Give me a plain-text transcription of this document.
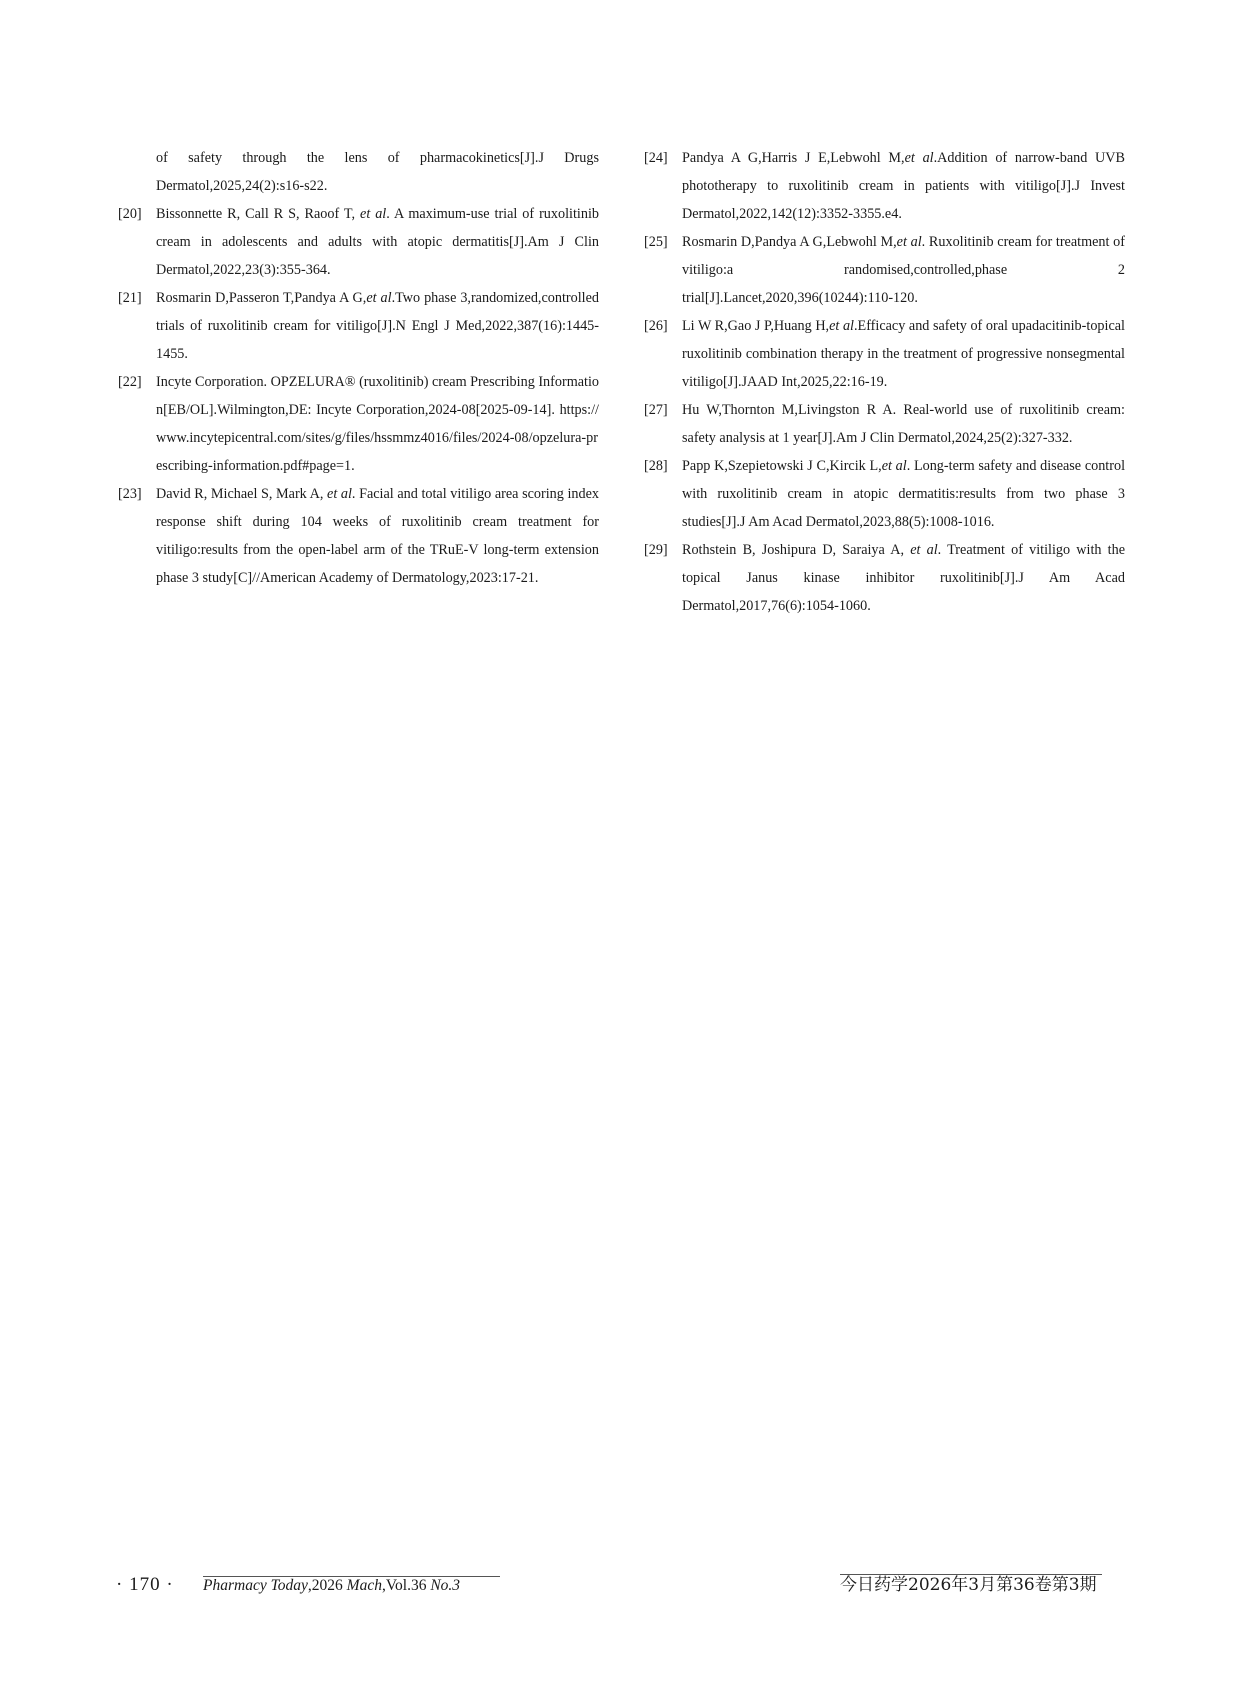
of safety through the lens of pharmacokinetics[J].J Drugs Dermatol,2025,24(2):s16-s22.
[20] Bissonnette R, Call R S, Raoof T, et al. A maximum-use trial of ruxolitinib cream in adolescents and adults with atopic dermatitis[J].Am J Clin Dermatol,2022,23(3):355-364.
[21] Rosmarin D,Passeron T,Pandya A G,et al.Two phase 3,randomized,controlled trials of ruxolitinib cream for vitiligo[J].N Engl J Med,2022,387(16):1445-1455.
[22] Incyte Corporation. OPZELURA® (ruxolitinib) cream Prescribing Information[EB/OL].Wilmington,DE: Incyte Corporation,2024-08[2025-09-14]. https://www.incytepicentral.com/sites/g/files/hssmmz4016/files/2024-08/opzelura-prescribing-information.pdf#page=1.
[23] David R, Michael S, Mark A, et al. Facial and total vitiligo area scoring index response shift during 104 weeks of ruxolitinib cream treatment for vitiligo:results from the open-label arm of the TRuE-V long-term extension phase 3 study[C]//American Academy of Dermatology,2023:17-21.
[24] Pandya A G,Harris J E,Lebwohl M,et al.Addition of narrow-band UVB phototherapy to ruxolitinib cream in patients with vitiligo[J].J Invest Dermatol,2022,142(12):3352-3355.e4.
[25] Rosmarin D,Pandya A G,Lebwohl M,et al. Ruxolitinib cream for treatment of vitiligo:a randomised,controlled,phase 2 trial[J].Lancet,2020,396(10244):110-120.
[26] Li W R,Gao J P,Huang H,et al.Efficacy and safety of oral upadacitinib-topical ruxolitinib combination therapy in the treatment of progressive nonsegmental vitiligo[J].JAAD Int,2025,22:16-19.
[27] Hu W,Thornton M,Livingston R A. Real-world use of ruxolitinib cream: safety analysis at 1 year[J].Am J Clin Dermatol,2024,25(2):327-332.
[28] Papp K,Szepietowski J C,Kircik L,et al. Long-term safety and disease control with ruxolitinib cream in atopic dermatitis:results from two phase 3 studies[J].J Am Acad Dermatol,2023,88(5):1008-1016.
[29] Rothstein B, Joshipura D, Saraiya A, et al. Treatment of vitiligo with the topical Janus kinase inhibitor ruxolitinib[J].J Am Acad Dermatol,2017,76(6):1054-1060.
· 170 · Pharmacy Today,2026 Mach,Vol.36 No.3	今日药学2026年3月第36卷第3期
